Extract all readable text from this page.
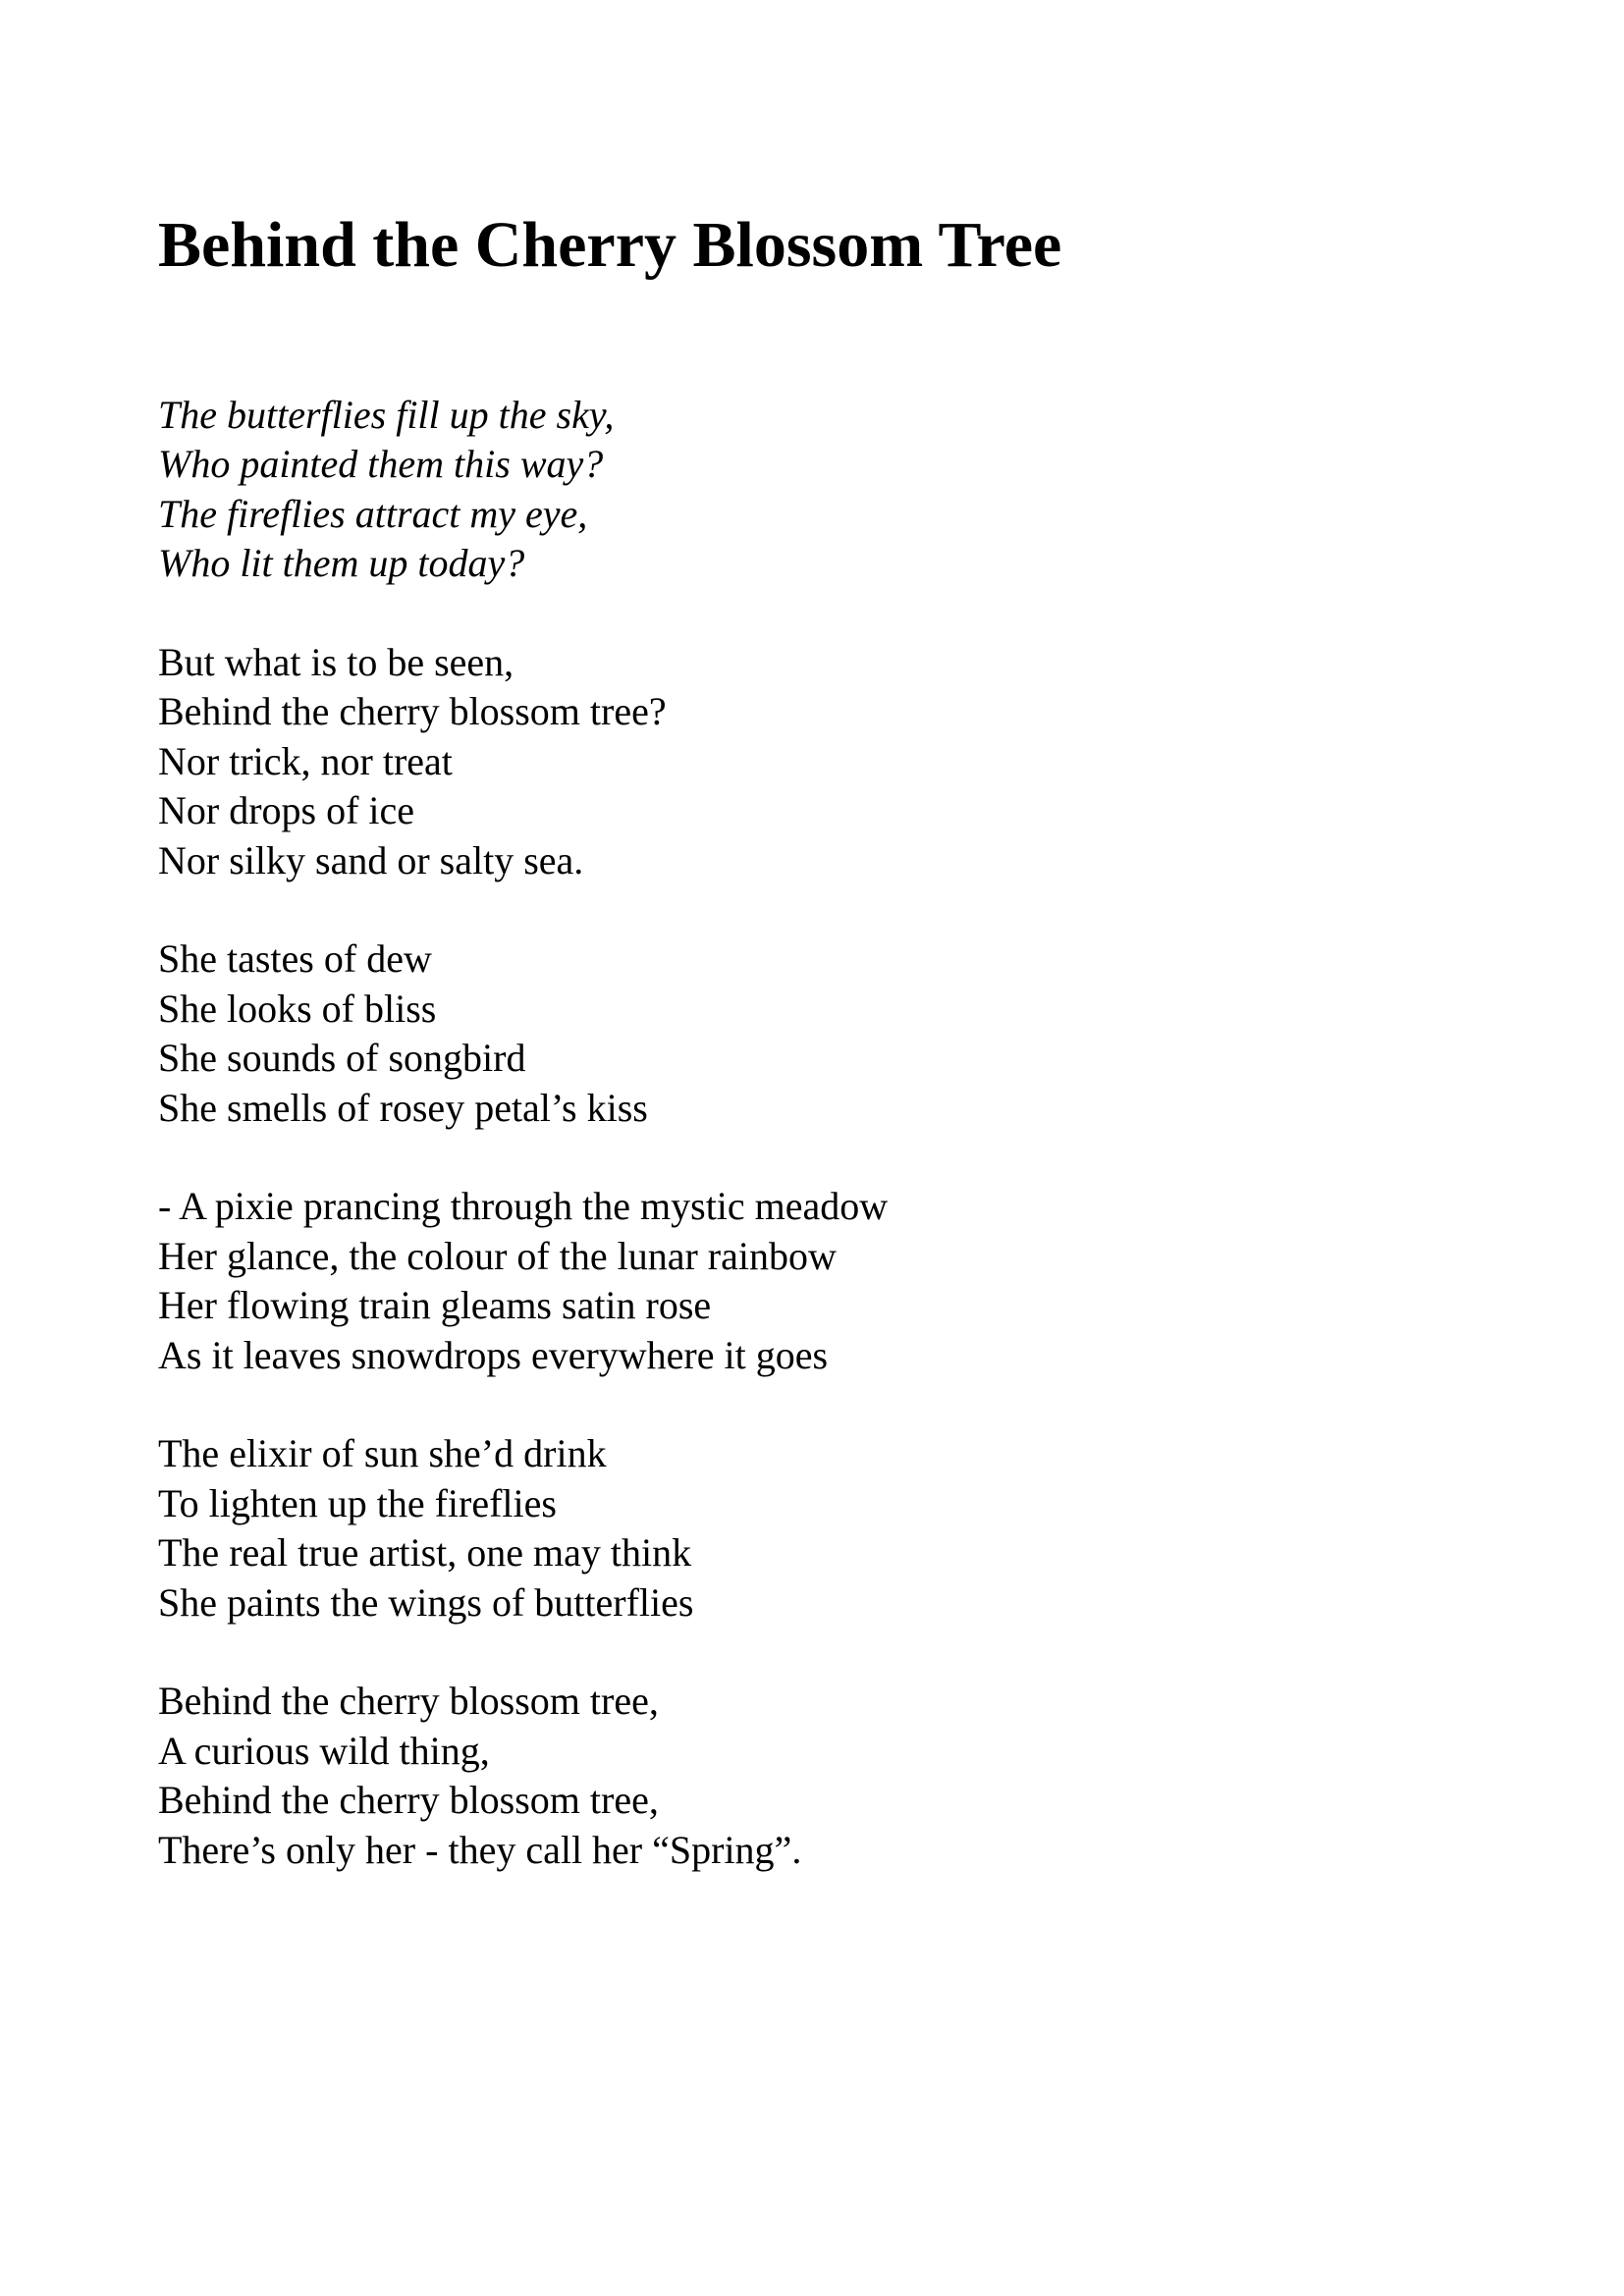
Behind the Cherry Blossom Tree
The butterflies fill up the sky,
Who painted them this way?
The fireflies attract my eye,
Who lit them up today?
But what is to be seen,
Behind the cherry blossom tree?
Nor trick, nor treat
Nor drops of ice
Nor silky sand or salty sea.
She tastes of dew
She looks of bliss
She sounds of songbird
She smells of rosey petal’s kiss
- A pixie prancing through the mystic meadow
Her glance, the colour of the lunar rainbow
Her flowing train gleams satin rose
As it leaves snowdrops everywhere it goes
The elixir of sun she’d drink
To lighten up the fireflies
The real true artist, one may think
She paints the wings of butterflies
Behind the cherry blossom tree,
A curious wild thing,
Behind the cherry blossom tree,
There’s only her - they call her “Spring”.
